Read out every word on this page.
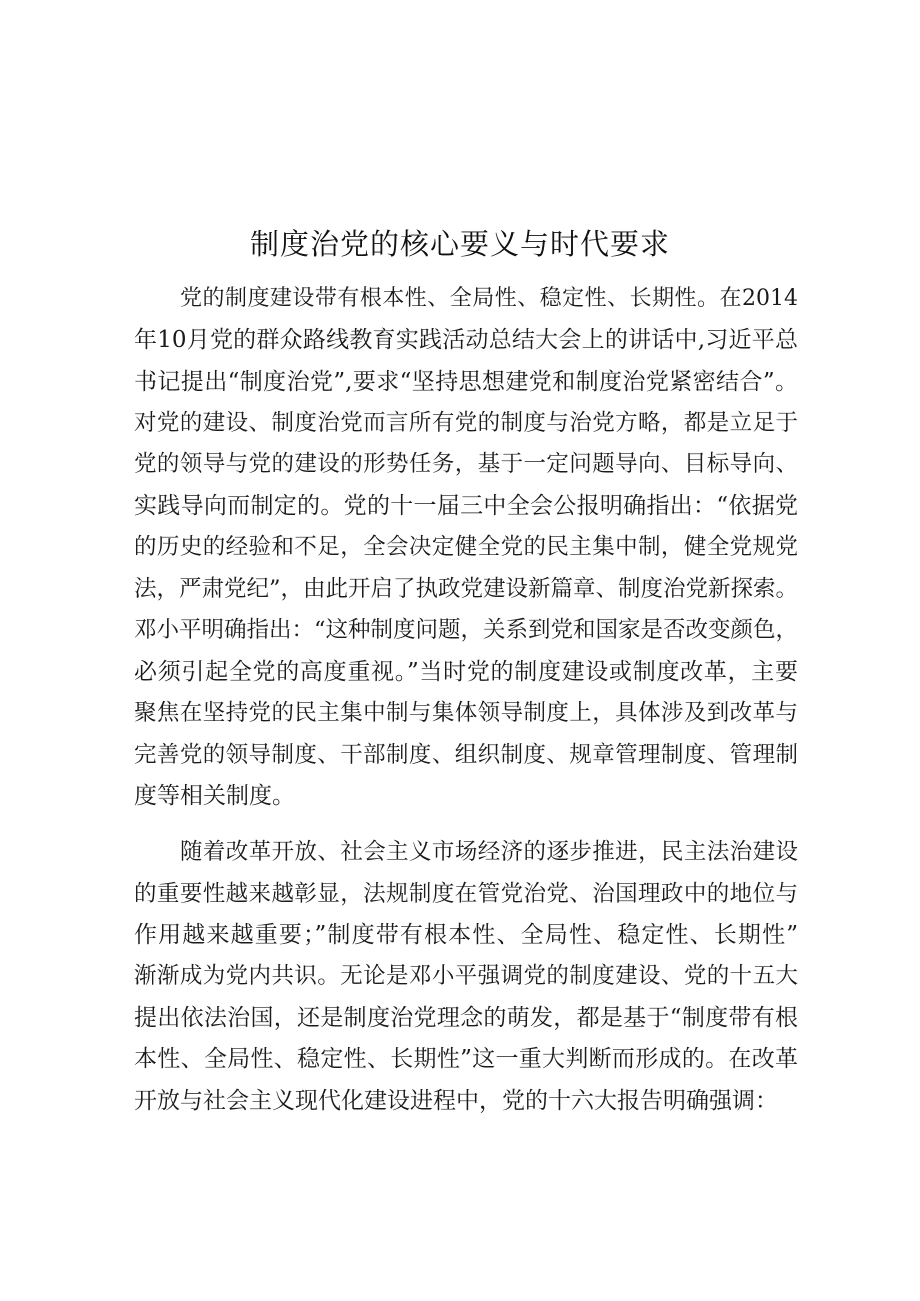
制度治党的核心要义与时代要求
党的制度建设带有根本性、全局性、稳定性、长期性。在2014
年10月党的群众路线教育实践活动总结大会上的讲话中,习近平总
书记提出“制度治党”,要求“坚持思想建党和制度治党紧密结合”。
对党的建设、制度治党而言所有党的制度与治党方略，都是立足于
党的领导与党的建设的形势任务，基于一定问题导向、目标导向、
实践导向而制定的。党的十一届三中全会公报明确指出：“依据党
的历史的经验和不足，全会决定健全党的民主集中制，健全党规党
法，严肃党纪”，由此开启了执政党建设新篇章、制度治党新探索。
邓小平明确指出：“这种制度问题，关系到党和国家是否改变颜色，
必须引起全党的高度重视。”当时党的制度建设或制度改革，主要
聚焦在坚持党的民主集中制与集体领导制度上，具体涉及到改革与
完善党的领导制度、干部制度、组织制度、规章管理制度、管理制
度等相关制度。
随着改革开放、社会主义市场经济的逐步推进，民主法治建设
的重要性越来越彰显，法规制度在管党治党、治国理政中的地位与
作用越来越重要；”制度带有根本性、全局性、稳定性、长期性”
渐渐成为党内共识。无论是邓小平强调党的制度建设、党的十五大
提出依法治国，还是制度治党理念的萌发，都是基于“制度带有根
本性、全局性、稳定性、长期性”这一重大判断而形成的。在改革
开放与社会主义现代化建设进程中，党的十六大报告明确强调：
